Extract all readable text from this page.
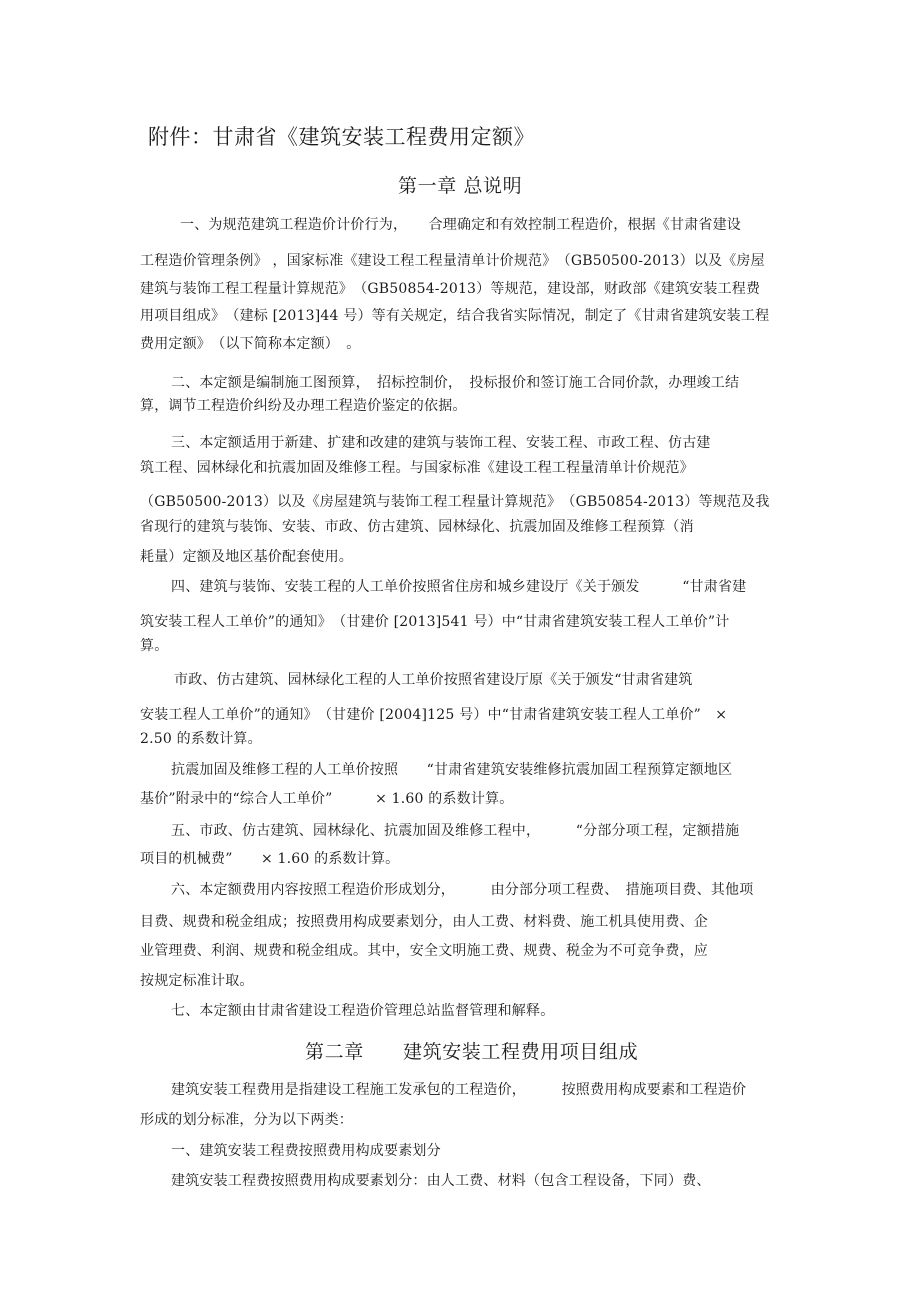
附件：甘肃省《建筑安装工程费用定额》
第一章 总说明
一、为规范建筑工程造价计价行为，　　合理确定和有效控制工程造价，根据《甘肃省建设
工程造价管理条例》 ，国家标准《建设工程工程量清单计价规范》　（GB50500-2013）以及《房屋
建筑与装饰工程工程量计算规范》　（GB50854-2013）等规范，建设部，财政部《建筑安装工程费
用项目组成》　（建标 [2013]44 号）等有关规定，结合我省实际情况，制定了《甘肃省建筑安装工程
费用定额》　（以下简称本定额）　。
二、本定额是编制施工图预算，　招标控制价，　投标报价和签订施工合同价款，办理竣工结
算，调节工程造价纠纷及办理工程造价鉴定的依据。
三、本定额适用于新建、扩建和改建的建筑与装饰工程、安装工程、市政工程、仿古建
筑工程、园林绿化和抗震加固及维修工程。与国家标准《建设工程工程量清单计价规范》
（GB50500-2013）以及《房屋建筑与装饰工程工程量计算规范》　（GB50854-2013）等规范及我
省现行的建筑与装饰、安装、市政、仿古建筑、园林绿化、抗震加固及维修工程预算（消
耗量）定额及地区基价配套使用。
四、建筑与装饰、安装工程的人工单价按照省住房和城乡建设厅《关于颁发　　　“甘肃省建
筑安装工程人工单价”的通知》　（甘建价 [2013]541 号）中“甘肃省建筑安装工程人工单价”计
算。
市政、仿古建筑、园林绿化工程的人工单价按照省建设厅原《关于颁发“甘肃省建筑
安装工程人工单价”的通知》　（甘建价 [2004]125 号）中“甘肃省建筑安装工程人工单价”　×
2.50 的系数计算。
抗震加固及维修工程的人工单价按照　　“甘肃省建筑安装维修抗震加固工程预算定额地区
基价”附录中的“综合人工单价”　　　× 1.60 的系数计算。
五、市政、仿古建筑、园林绿化、抗震加固及维修工程中，　　　“分部分项工程，定额措施
项目的机械费”　　× 1.60 的系数计算。
六、本定额费用内容按照工程造价形成划分，　　　由分部分项工程费、　措施项目费、其他项
目费、规费和税金组成；按照费用构成要素划分，由人工费、材料费、施工机具使用费、企
业管理费、利润、规费和税金组成。其中，安全文明施工费、规费、税金为不可竞争费，应
按规定标准计取。
七、本定额由甘肃省建设工程造价管理总站监督管理和解释。
第二章　　建筑安装工程费用项目组成
建筑安装工程费用是指建设工程施工发承包的工程造价，　　　按照费用构成要素和工程造价
形成的划分标准，分为以下两类：
一、建筑安装工程费按照费用构成要素划分
建筑安装工程费按照费用构成要素划分：由人工费、材料（包含工程设备，下同）费、
